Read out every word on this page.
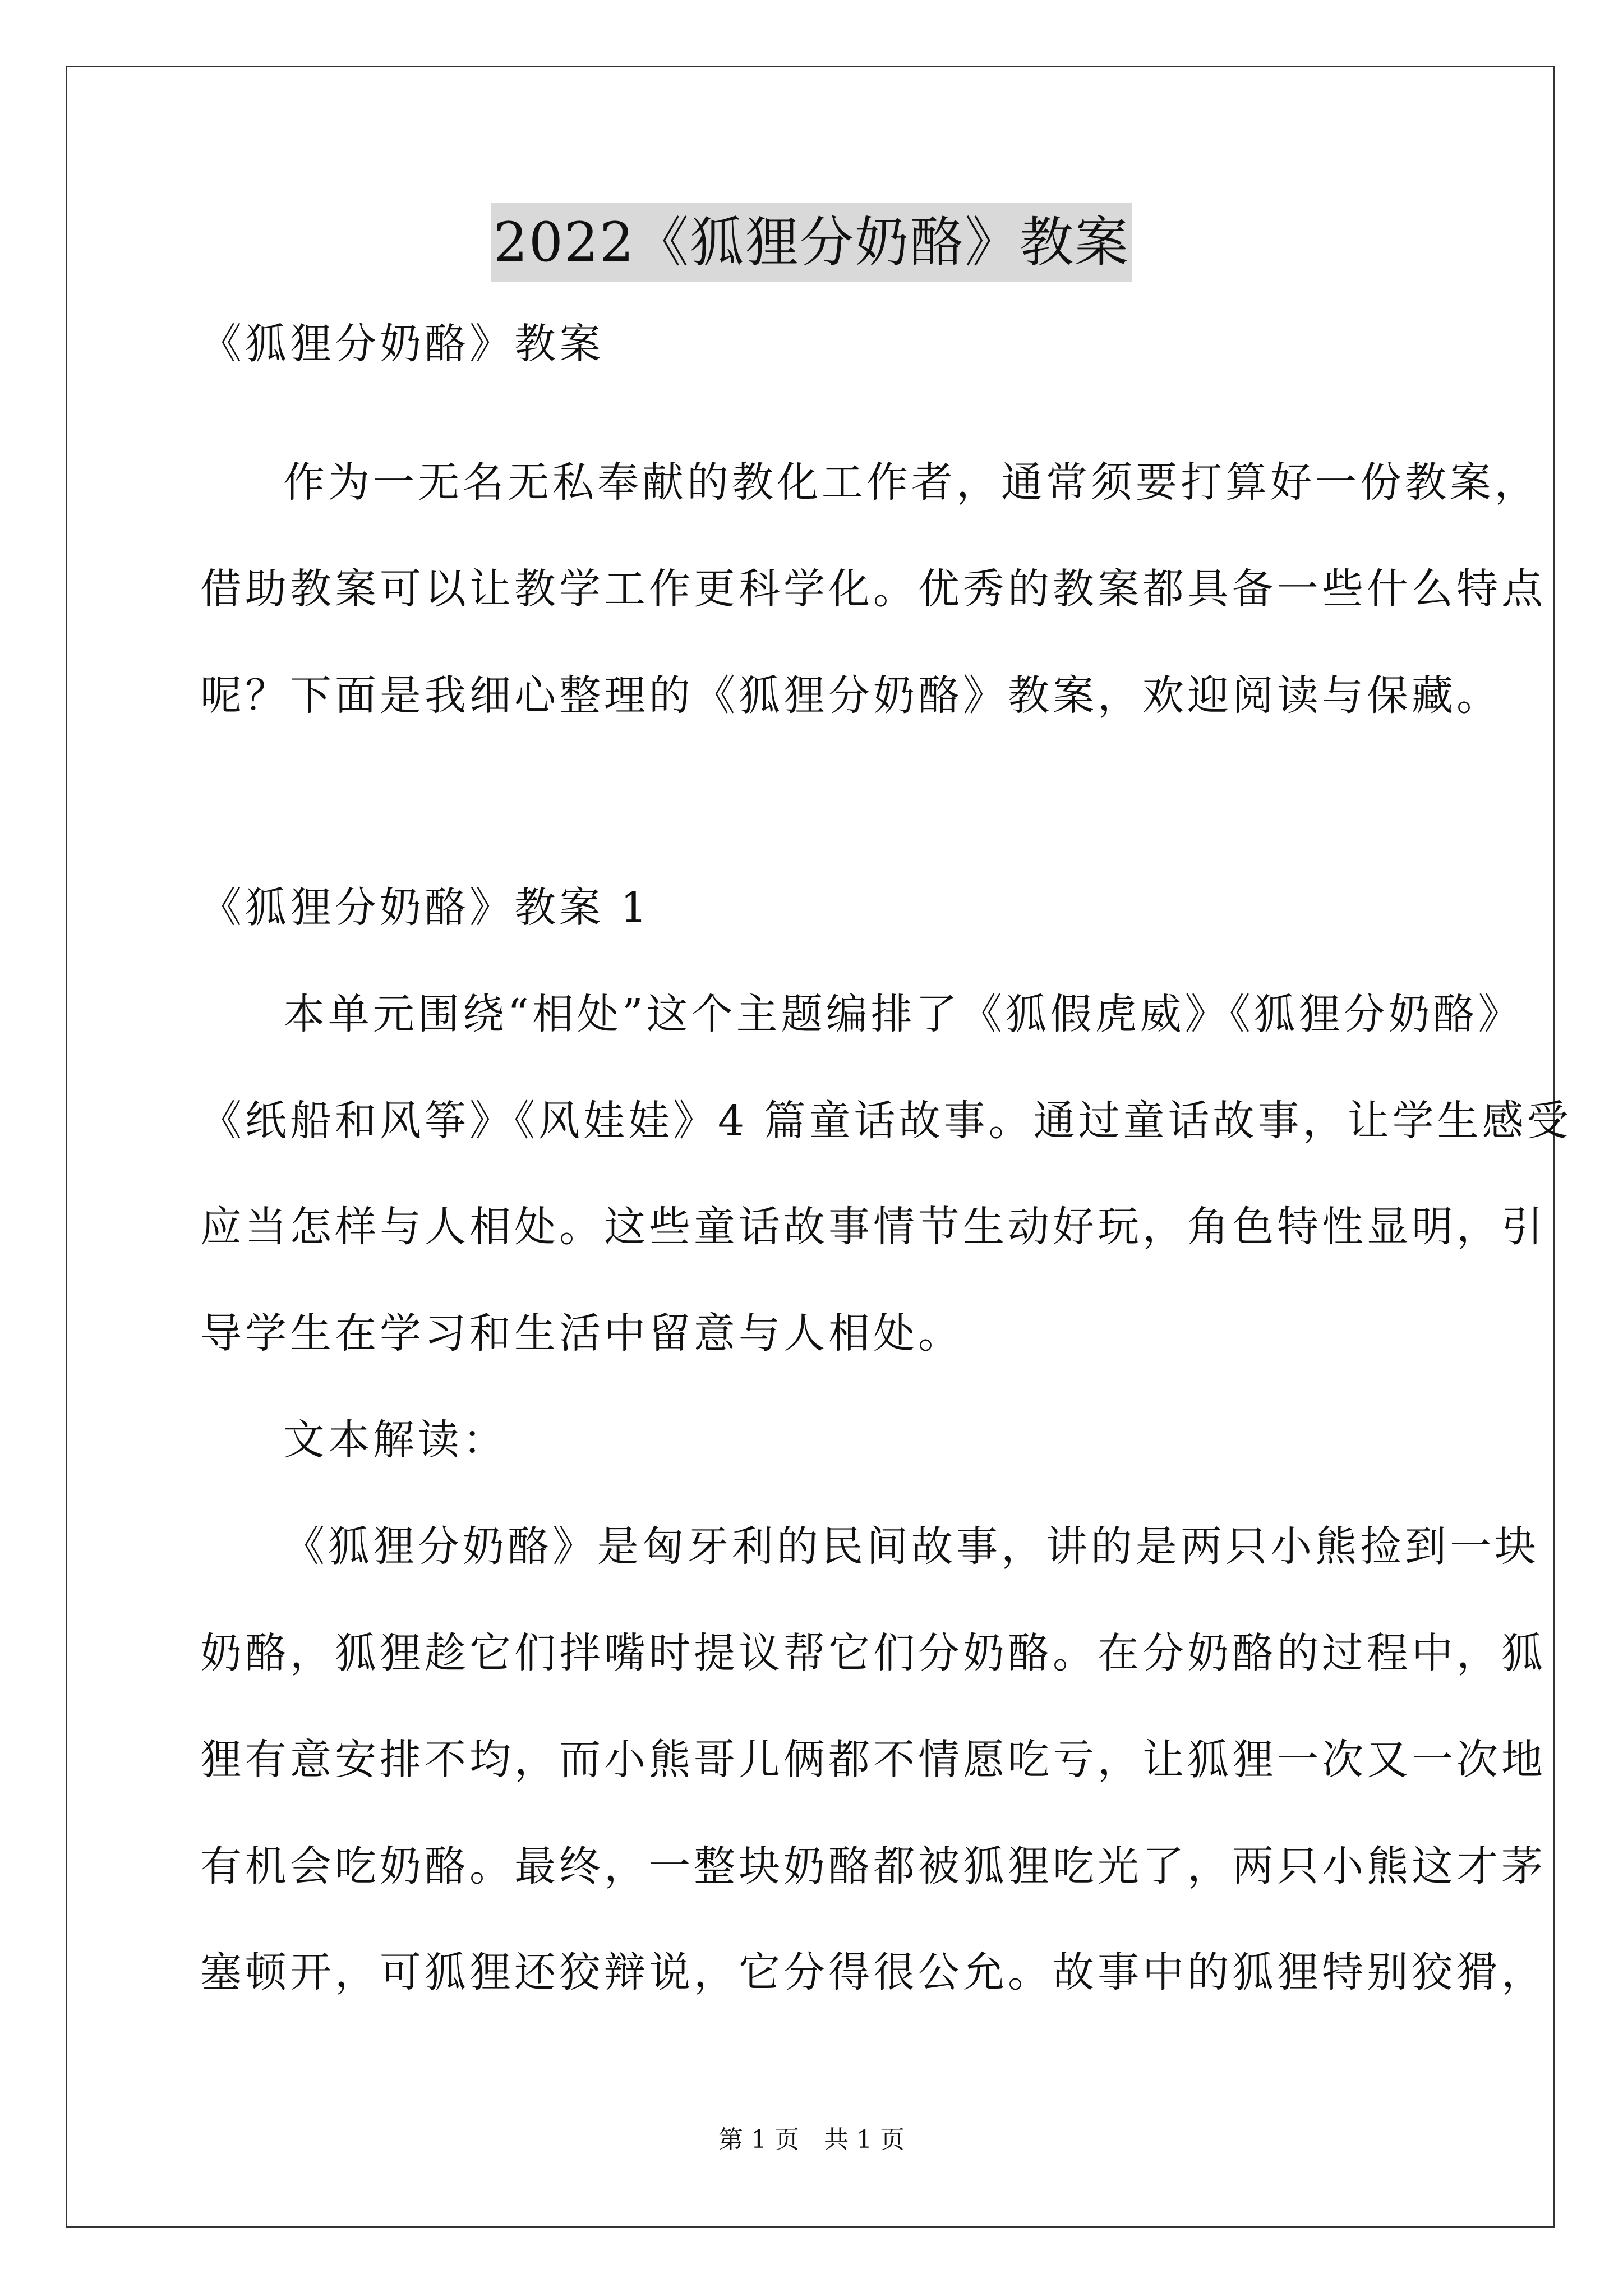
2022《狐狸分奶酪》教案
《狐狸分奶酪》教案
作为一无名无私奉献的教化工作者，通常须要打算好一份教案，
借助教案可以让教学工作更科学化。优秀的教案都具备一些什么特点
呢？下面是我细心整理的《狐狸分奶酪》教案，欢迎阅读与保藏。
《狐狸分奶酪》教案 1
本单元围绕“相处”这个主题编排了《狐假虎威》《狐狸分奶酪》
《纸船和风筝》《风娃娃》4 篇童话故事。通过童话故事，让学生感受
应当怎样与人相处。这些童话故事情节生动好玩，角色特性显明，引
导学生在学习和生活中留意与人相处。
文本解读：
《狐狸分奶酪》是匈牙利的民间故事，讲的是两只小熊捡到一块
奶酪，狐狸趁它们拌嘴时提议帮它们分奶酪。在分奶酪的过程中，狐
狸有意安排不均，而小熊哥儿俩都不情愿吃亏，让狐狸一次又一次地
有机会吃奶酪。最终，一整块奶酪都被狐狸吃光了，两只小熊这才茅
塞顿开，可狐狸还狡辩说，它分得很公允。故事中的狐狸特别狡猾，
第 1 页　共 1 页
